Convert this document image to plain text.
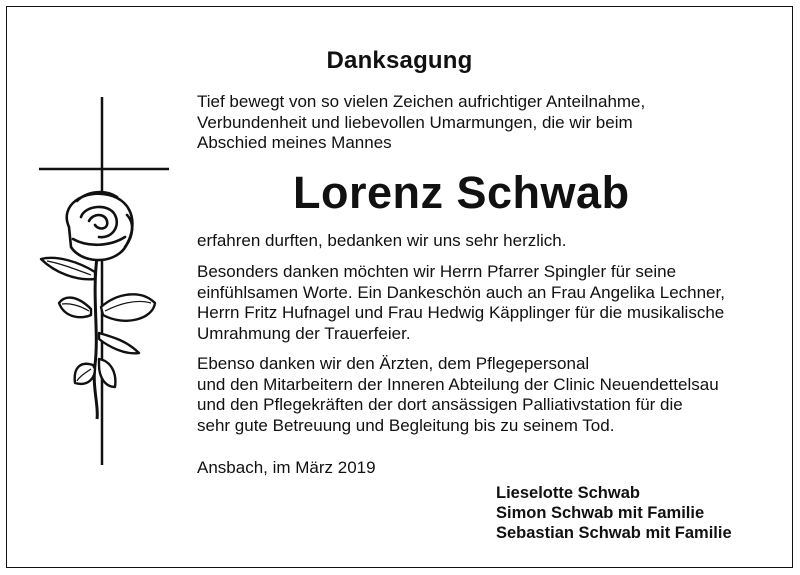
Danksagung

Tief bewegt von so vielen Zeichen aufrichtiger Anteilnahme,
Verbundenheit und liebevollen Umarmungen, die wir beim
Abschied meines Mannes

Lorenz Schwab

erfahren durften, bedanken wir uns sehr herzlich.

Besonders danken möchten wir Herrn Pfarrer Spingler für seine
einfühlsamen Worte. Ein Dankeschön auch an Frau Angelika Lechner,
Herrn Fritz Hufnagel und Frau Hedwig Käpplinger für die musikalische
Umrahmung der Trauerfeier.

Ebenso danken wir den Ärzten, dem Pflegepersonal
und den Mitarbeitern der Inneren Abteilung der Clinic Neuendettelsau
und den Pflegekräften der dort ansässigen Palliativstation für die
sehr gute Betreuung und Begleitung bis zu seinem Tod.

Ansbach, im März 2019
Lieselotte Schwab
Simon Schwab mit Familie
Sebastian Schwab mit Familie
